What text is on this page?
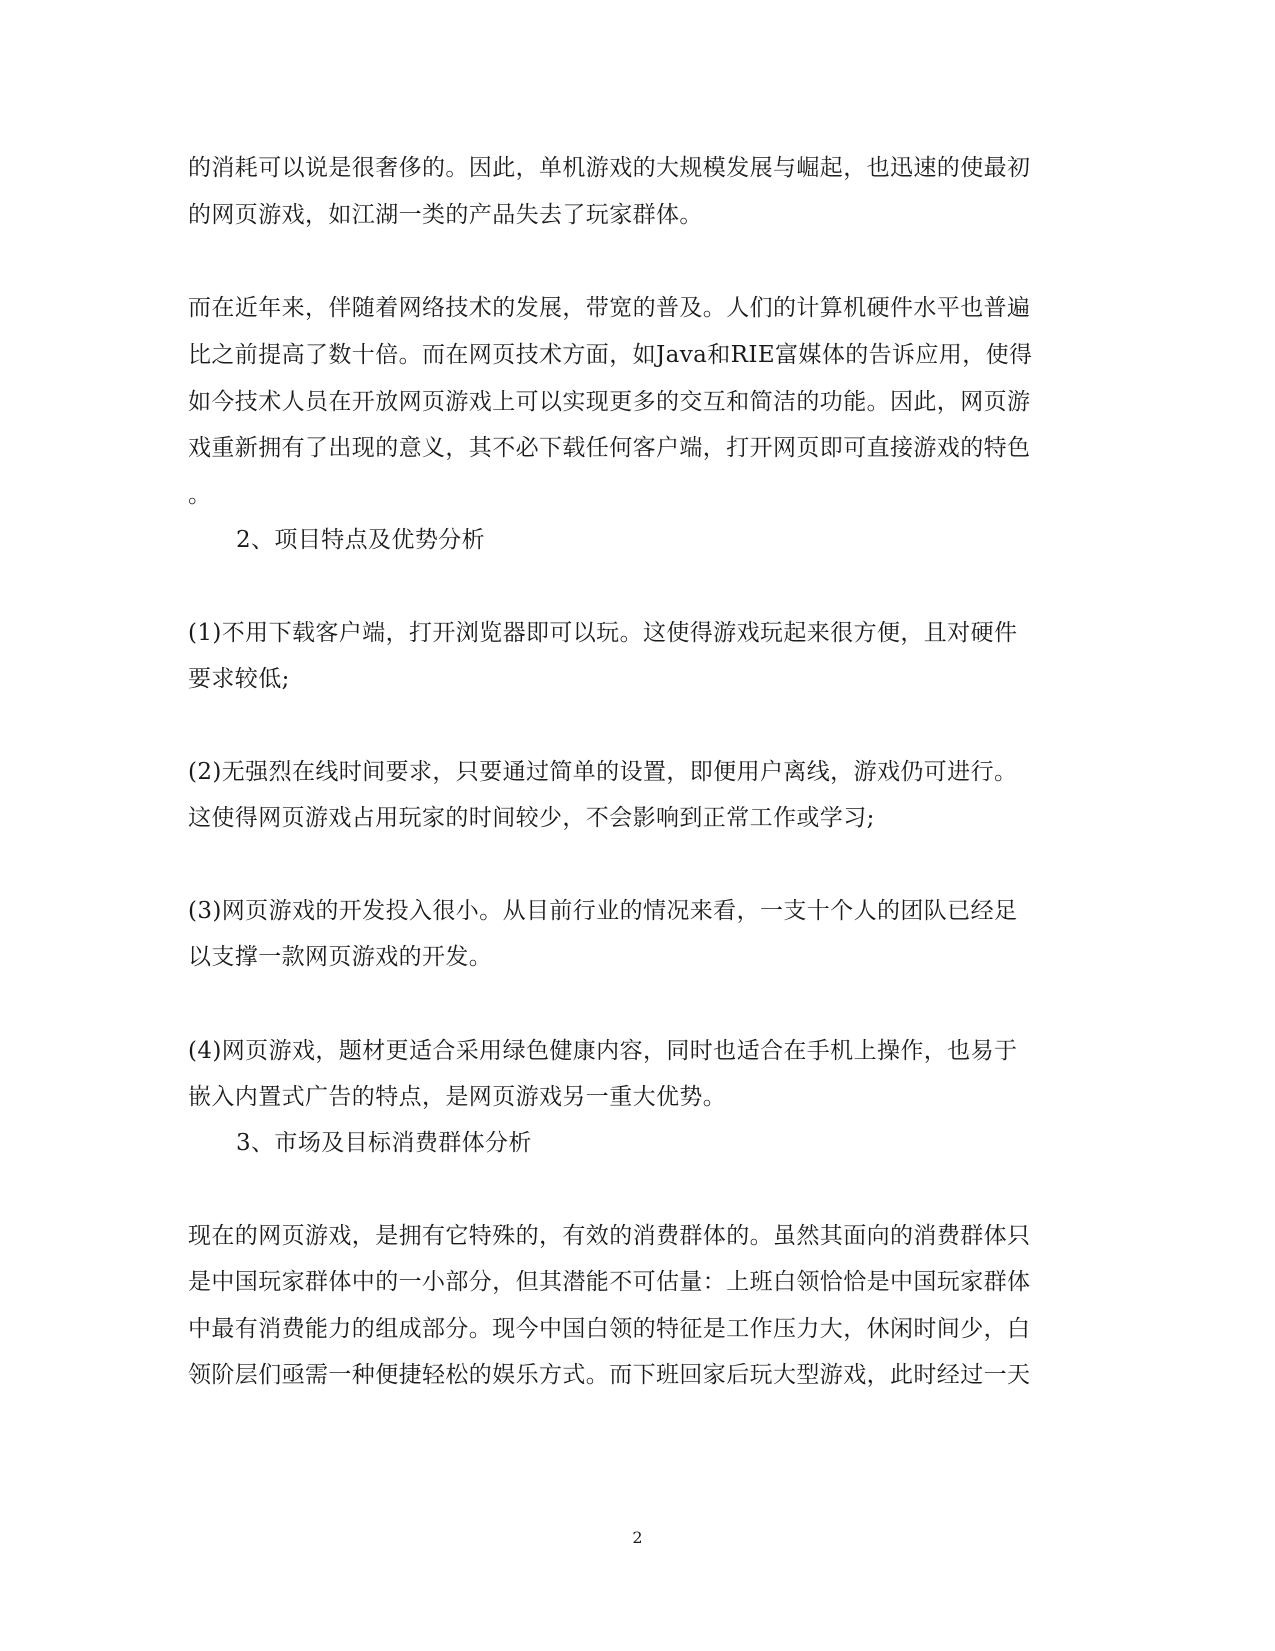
的消耗可以说是很奢侈的。因此，单机游戏的大规模发展与崛起，也迅速的使最初
的网页游戏，如江湖一类的产品失去了玩家群体。
而在近年来，伴随着网络技术的发展，带宽的普及。人们的计算机硬件水平也普遍
比之前提高了数十倍。而在网页技术方面，如Java和RIE富媒体的告诉应用，使得
如今技术人员在开放网页游戏上可以实现更多的交互和简洁的功能。因此，网页游
戏重新拥有了出现的意义，其不必下载任何客户端，打开网页即可直接游戏的特色
。
2、项目特点及优势分析
(1)不用下载客户端，打开浏览器即可以玩。这使得游戏玩起来很方便，且对硬件
要求较低;
(2)无强烈在线时间要求，只要通过简单的设置，即便用户离线，游戏仍可进行。
这使得网页游戏占用玩家的时间较少，不会影响到正常工作或学习;
(3)网页游戏的开发投入很小。从目前行业的情况来看，一支十个人的团队已经足
以支撑一款网页游戏的开发。
(4)网页游戏，题材更适合采用绿色健康内容，同时也适合在手机上操作，也易于
嵌入内置式广告的特点，是网页游戏另一重大优势。
3、市场及目标消费群体分析
现在的网页游戏，是拥有它特殊的，有效的消费群体的。虽然其面向的消费群体只
是中国玩家群体中的一小部分，但其潜能不可估量：上班白领恰恰是中国玩家群体
中最有消费能力的组成部分。现今中国白领的特征是工作压力大，休闲时间少，白
领阶层们亟需一种便捷轻松的娱乐方式。而下班回家后玩大型游戏，此时经过一天
2
